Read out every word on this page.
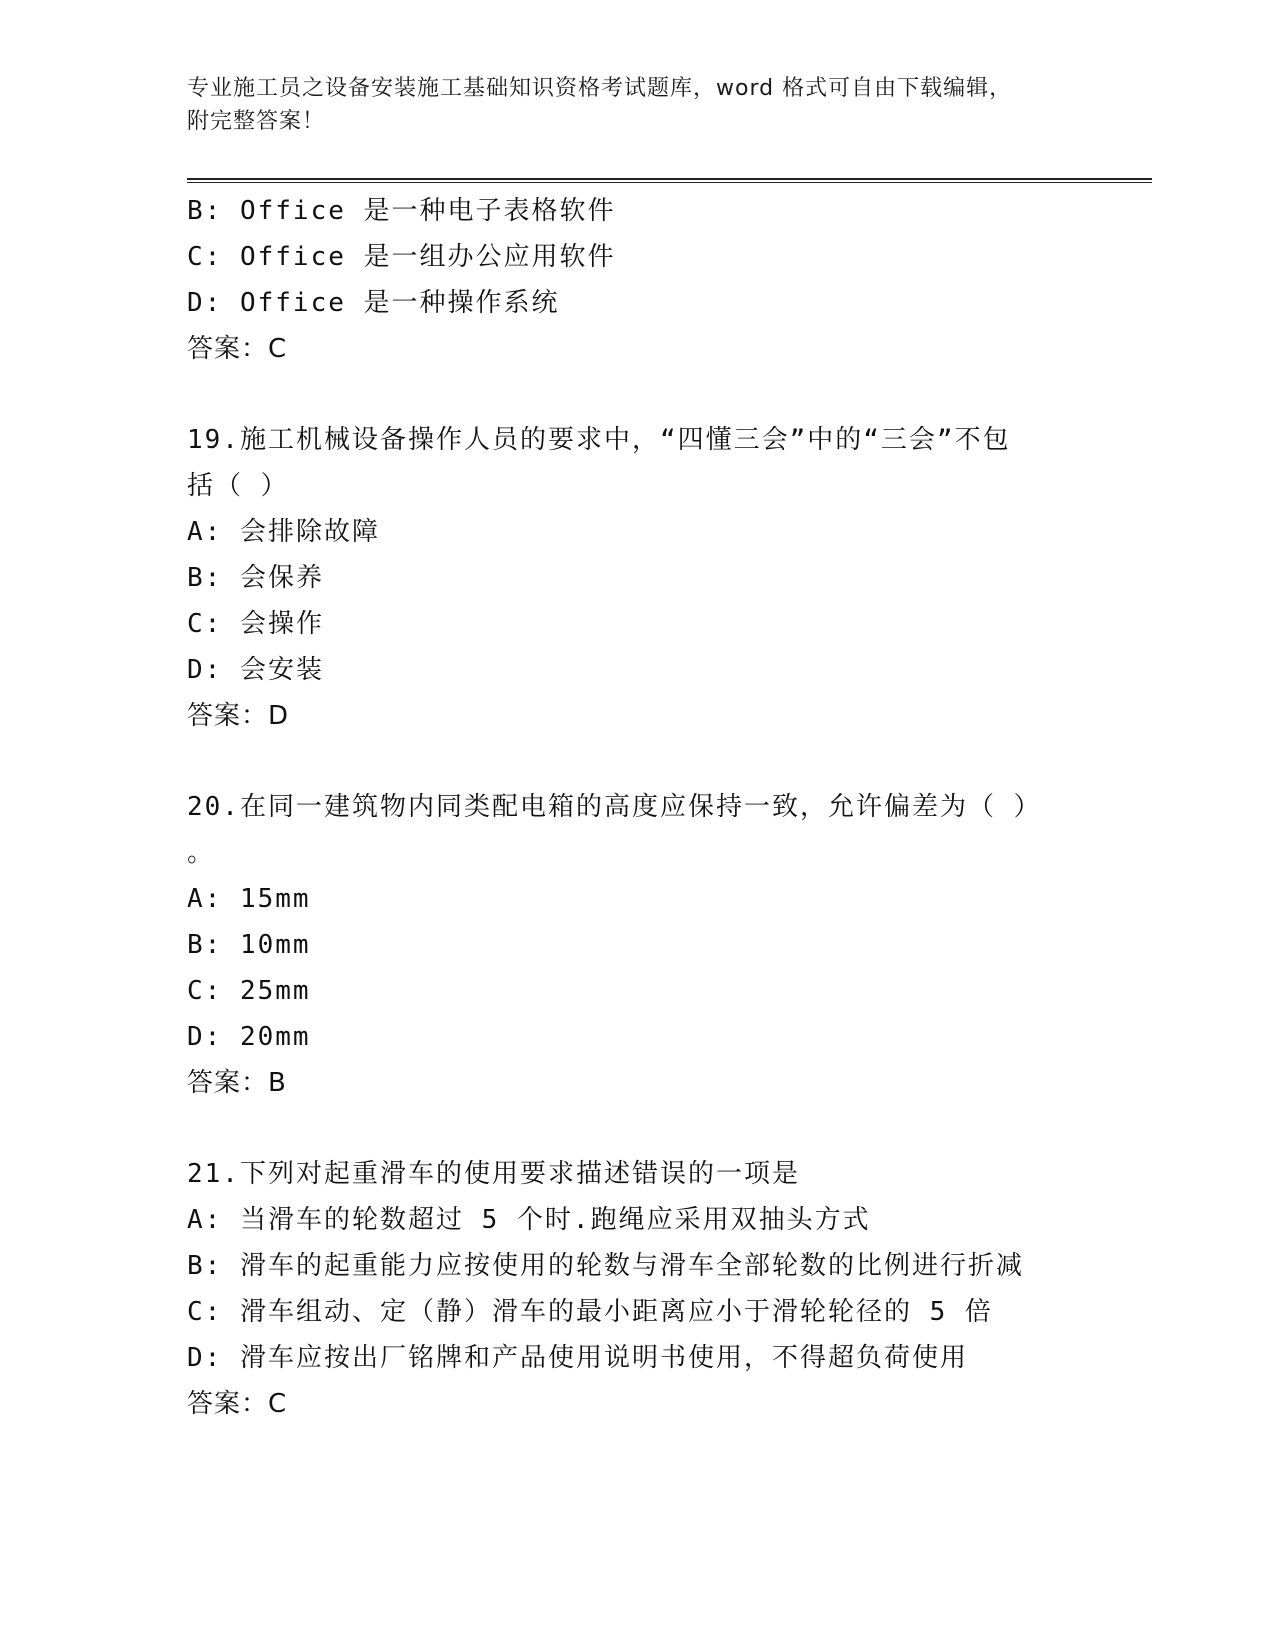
专业施工员之设备安装施工基础知识资格考试题库，word 格式可自由下载编辑，
附完整答案！
B: Office 是一种电子表格软件
C: Office 是一组办公应用软件
D: Office 是一种操作系统
答案：C
19.施工机械设备操作人员的要求中，“四懂三会”中的“三会”不包
括（ ）
A: 会排除故障
B: 会保养
C: 会操作
D: 会安装
答案：D
20.在同一建筑物内同类配电箱的高度应保持一致，允许偏差为（ ）
。
A: 15mm
B: 10mm
C: 25mm
D: 20mm
答案：B
21.下列对起重滑车的使用要求描述错误的一项是
A: 当滑车的轮数超过 5 个时.跑绳应采用双抽头方式
B: 滑车的起重能力应按使用的轮数与滑车全部轮数的比例进行折减
C: 滑车组动、定（静）滑车的最小距离应小于滑轮轮径的 5 倍
D: 滑车应按出厂铭牌和产品使用说明书使用，不得超负荷使用
答案：C
